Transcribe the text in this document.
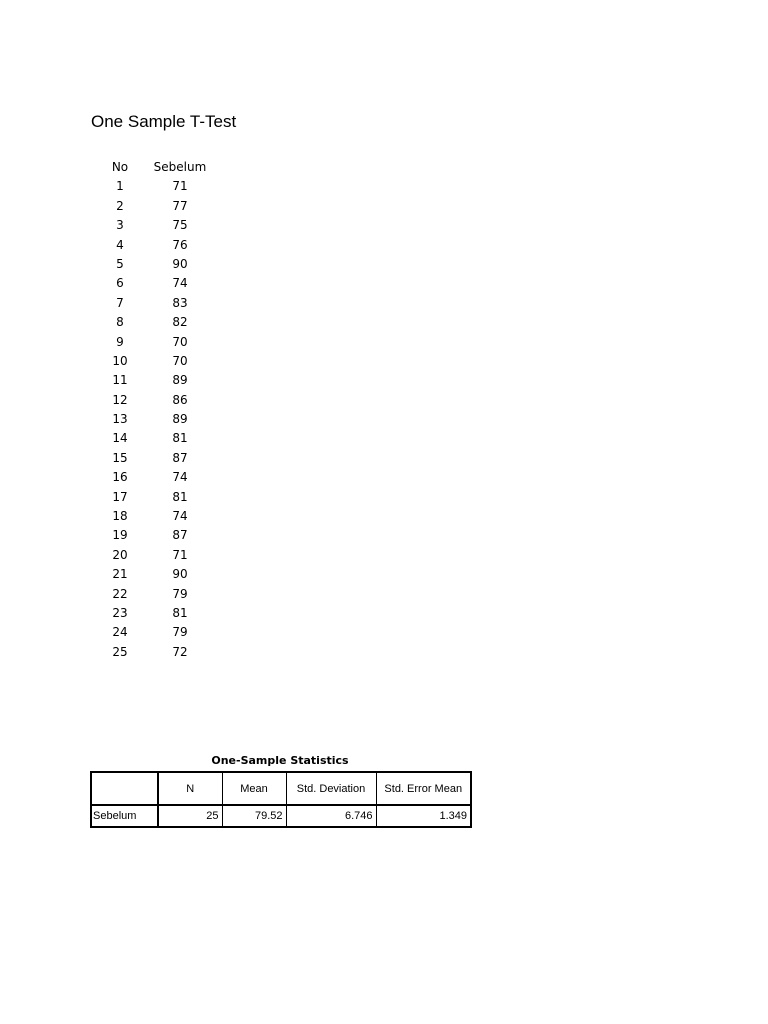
One Sample T-Test
No	Sebelum
1	71
2	77
3	75
4	76
5	90
6	74
7	83
8	82
9	70
10	70
11	89
12	86
13	89
14	81
15	87
16	74
17	81
18	74
19	87
20	71
21	90
22	79
23	81
24	79
25	72
One-Sample Statistics
	N	Mean	Std. Deviation	Std. Error Mean
Sebelum	25	79.52	6.746	1.349
